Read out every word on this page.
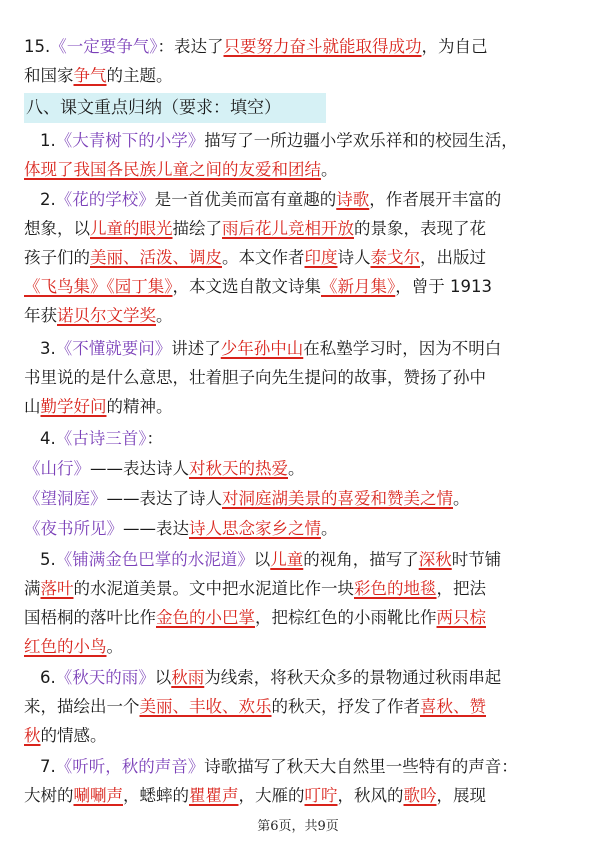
15.《一定要争气》：表达了只要努力奋斗就能取得成功，为自己
和国家争气的主题。
八、课文重点归纳（要求：填空）
1.《大青树下的小学》描写了一所边疆小学欢乐祥和的校园生活，
体现了我国各民族儿童之间的友爱和团结。
2.《花的学校》是一首优美而富有童趣的诗歌，作者展开丰富的
想象，以儿童的眼光描绘了雨后花儿竞相开放的景象，表现了花
孩子们的美丽、活泼、调皮。本文作者印度诗人泰戈尔，出版过
《飞鸟集》《园丁集》，本文选自散文诗集《新月集》，曾于 1913
年获诺贝尔文学奖。
3.《不懂就要问》讲述了少年孙中山在私塾学习时，因为不明白
书里说的是什么意思，壮着胆子向先生提问的故事，赞扬了孙中
山勤学好问的精神。
4.《古诗三首》：
《山行》——表达诗人对秋天的热爱。
《望洞庭》——表达了诗人对洞庭湖美景的喜爱和赞美之情。
《夜书所见》——表达诗人思念家乡之情。
5.《铺满金色巴掌的水泥道》以儿童的视角，描写了深秋时节铺
满落叶的水泥道美景。文中把水泥道比作一块彩色的地毯，把法
国梧桐的落叶比作金色的小巴掌，把棕红色的小雨靴比作两只棕
红色的小鸟。
6.《秋天的雨》以秋雨为线索，将秋天众多的景物通过秋雨串起
来，描绘出一个美丽、丰收、欢乐的秋天，抒发了作者喜秋、赞
秋的情感。
7.《听听，秋的声音》诗歌描写了秋天大自然里一些特有的声音：
大树的唰唰声，蟋蟀的瞿瞿声，大雁的叮咛，秋风的歌吟，展现
第6页，共9页
